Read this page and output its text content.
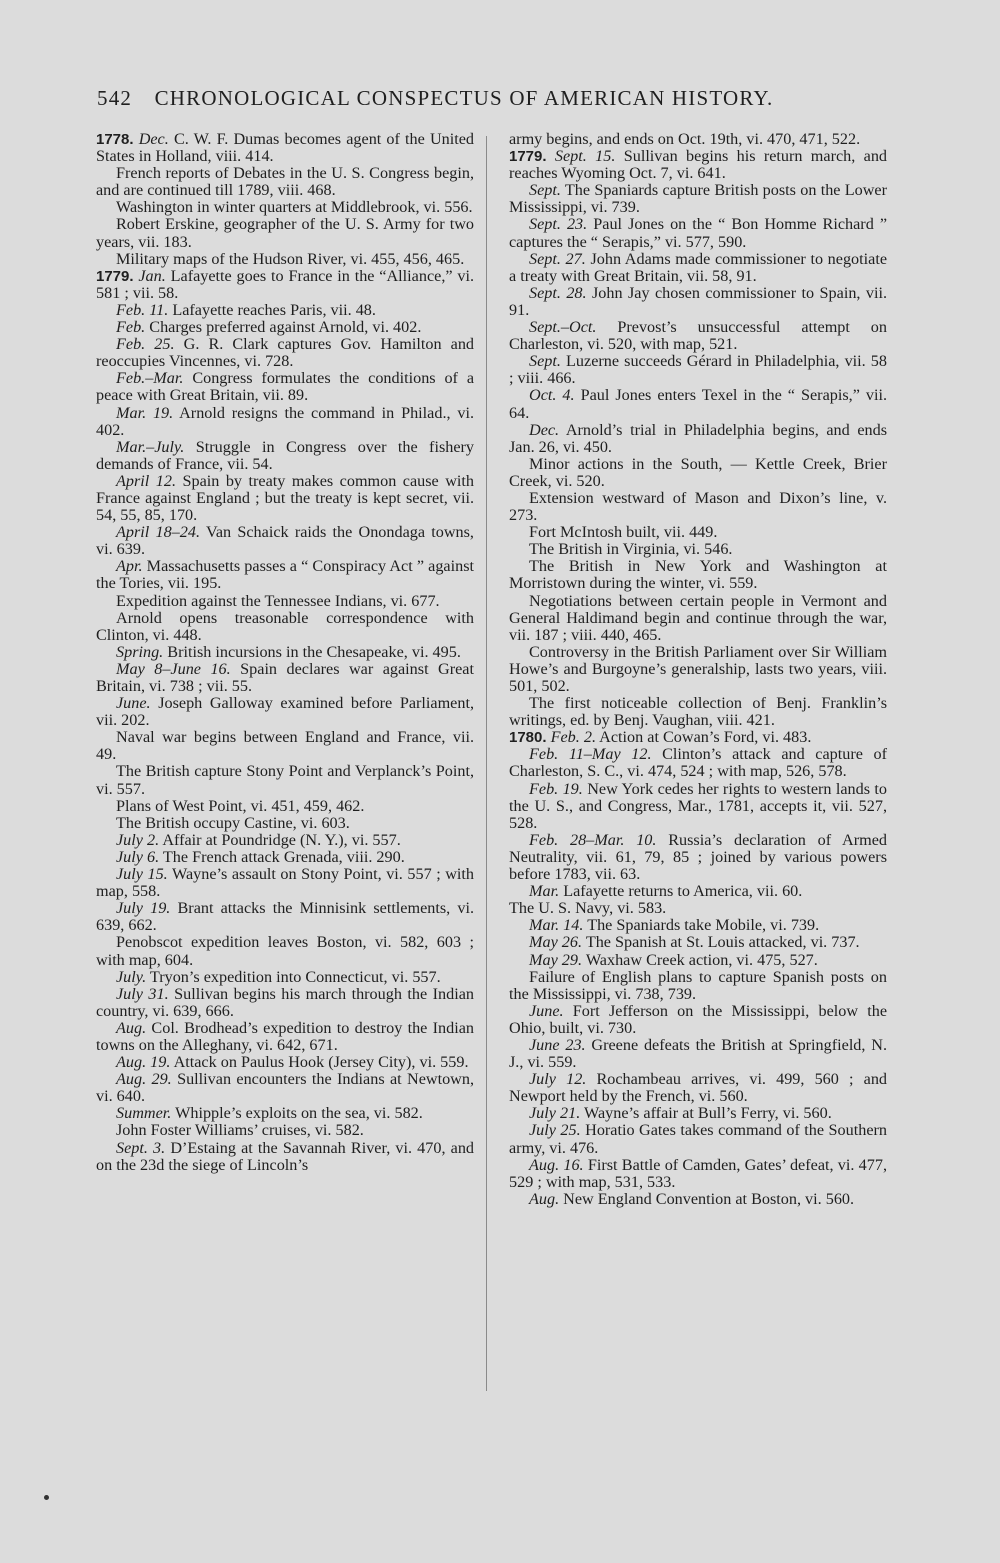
542 CHRONOLOGICAL CONSPECTUS OF AMERICAN HISTORY.

1778. Dec. C. W. F. Dumas becomes agent of the United States in Holland, viii. 414.

French reports of Debates in the U. S. Congress begin, and are continued till 1789, viii. 468.

Washington in winter quarters at Middlebrook, vi. 556.

Robert Erskine, geographer of the U. S. Army for two years, vii. 183.

Military maps of the Hudson River, vi. 455, 456, 465.

1779. Jan. Lafayette goes to France in the “Alliance,” vi. 581 ; vii. 58.

Feb. 11. Lafayette reaches Paris, vii. 48.

Feb. Charges preferred against Arnold, vi. 402.

Feb. 25. G. R. Clark captures Gov. Hamilton and reoccupies Vincennes, vi. 728.

Feb.–Mar. Congress formulates the conditions of a peace with Great Britain, vii. 89.

Mar. 19. Arnold resigns the command in Philad., vi. 402.

Mar.–July. Struggle in Congress over the fishery demands of France, vii. 54.

April 12. Spain by treaty makes common cause with France against England ; but the treaty is kept secret, vii. 54, 55, 85, 170.

April 18–24. Van Schaick raids the Onondaga towns, vi. 639.

Apr. Massachusetts passes a “ Conspiracy Act ” against the Tories, vii. 195.

Expedition against the Tennessee Indians, vi. 677.

Arnold opens treasonable correspondence with Clinton, vi. 448.

Spring. British incursions in the Chesapeake, vi. 495.

May 8–June 16. Spain declares war against Great Britain, vi. 738 ; vii. 55.

June. Joseph Galloway examined before Parliament, vii. 202.

Naval war begins between England and France, vii. 49.

The British capture Stony Point and Verplanck’s Point, vi. 557.

Plans of West Point, vi. 451, 459, 462.

The British occupy Castine, vi. 603.

July 2. Affair at Poundridge (N. Y.), vi. 557.

July 6. The French attack Grenada, viii. 290.

July 15. Wayne’s assault on Stony Point, vi. 557 ; with map, 558.

July 19. Brant attacks the Minnisink settlements, vi. 639, 662.

Penobscot expedition leaves Boston, vi. 582, 603 ; with map, 604.

July. Tryon’s expedition into Connecticut, vi. 557.

July 31. Sullivan begins his march through the Indian country, vi. 639, 666.

Aug. Col. Brodhead’s expedition to destroy the Indian towns on the Alleghany, vi. 642, 671.

Aug. 19. Attack on Paulus Hook (Jersey City), vi. 559.

Aug. 29. Sullivan encounters the Indians at Newtown, vi. 640.

Summer. Whipple’s exploits on the sea, vi. 582.

John Foster Williams’ cruises, vi. 582.

Sept. 3. D’Estaing at the Savannah River, vi. 470, and on the 23d the siege of Lincoln’s

army begins, and ends on Oct. 19th, vi. 470, 471, 522.

1779. Sept. 15. Sullivan begins his return march, and reaches Wyoming Oct. 7, vi. 641.

Sept. The Spaniards capture British posts on the Lower Mississippi, vi. 739.

Sept. 23. Paul Jones on the “ Bon Homme Richard ” captures the “ Serapis,” vi. 577, 590.

Sept. 27. John Adams made commissioner to negotiate a treaty with Great Britain, vii. 58, 91.

Sept. 28. John Jay chosen commissioner to Spain, vii. 91.

Sept.–Oct. Prevost’s unsuccessful attempt on Charleston, vi. 520, with map, 521.

Sept. Luzerne succeeds Gérard in Philadelphia, vii. 58 ; viii. 466.

Oct. 4. Paul Jones enters Texel in the “ Serapis,” vii. 64.

Dec. Arnold’s trial in Philadelphia begins, and ends Jan. 26, vi. 450.

Minor actions in the South, — Kettle Creek, Brier Creek, vi. 520.

Extension westward of Mason and Dixon’s line, v. 273.

Fort McIntosh built, vii. 449.

The British in Virginia, vi. 546.

The British in New York and Washington at Morristown during the winter, vi. 559.

Negotiations between certain people in Vermont and General Haldimand begin and continue through the war, vii. 187 ; viii. 440, 465.

Controversy in the British Parliament over Sir William Howe’s and Burgoyne’s generalship, lasts two years, viii. 501, 502.

The first noticeable collection of Benj. Franklin’s writings, ed. by Benj. Vaughan, viii. 421.

1780. Feb. 2. Action at Cowan’s Ford, vi. 483.

Feb. 11–May 12. Clinton’s attack and capture of Charleston, S. C., vi. 474, 524 ; with map, 526, 578.

Feb. 19. New York cedes her rights to western lands to the U. S., and Congress, Mar., 1781, accepts it, vii. 527, 528.

Feb. 28–Mar. 10. Russia’s declaration of Armed Neutrality, vii. 61, 79, 85 ; joined by various powers before 1783, vii. 63.

Mar. Lafayette returns to America, vii. 60.

The U. S. Navy, vi. 583.

Mar. 14. The Spaniards take Mobile, vi. 739.

May 26. The Spanish at St. Louis attacked, vi. 737.

May 29. Waxhaw Creek action, vi. 475, 527.

Failure of English plans to capture Spanish posts on the Mississippi, vi. 738, 739.

June. Fort Jefferson on the Mississippi, below the Ohio, built, vi. 730.

June 23. Greene defeats the British at Springfield, N. J., vi. 559.

July 12. Rochambeau arrives, vi. 499, 560 ; and Newport held by the French, vi. 560.

July 21. Wayne’s affair at Bull’s Ferry, vi. 560.

July 25. Horatio Gates takes command of the Southern army, vi. 476.

Aug. 16. First Battle of Camden, Gates’ defeat, vi. 477, 529 ; with map, 531, 533.

Aug. New England Convention at Boston, vi. 560.
